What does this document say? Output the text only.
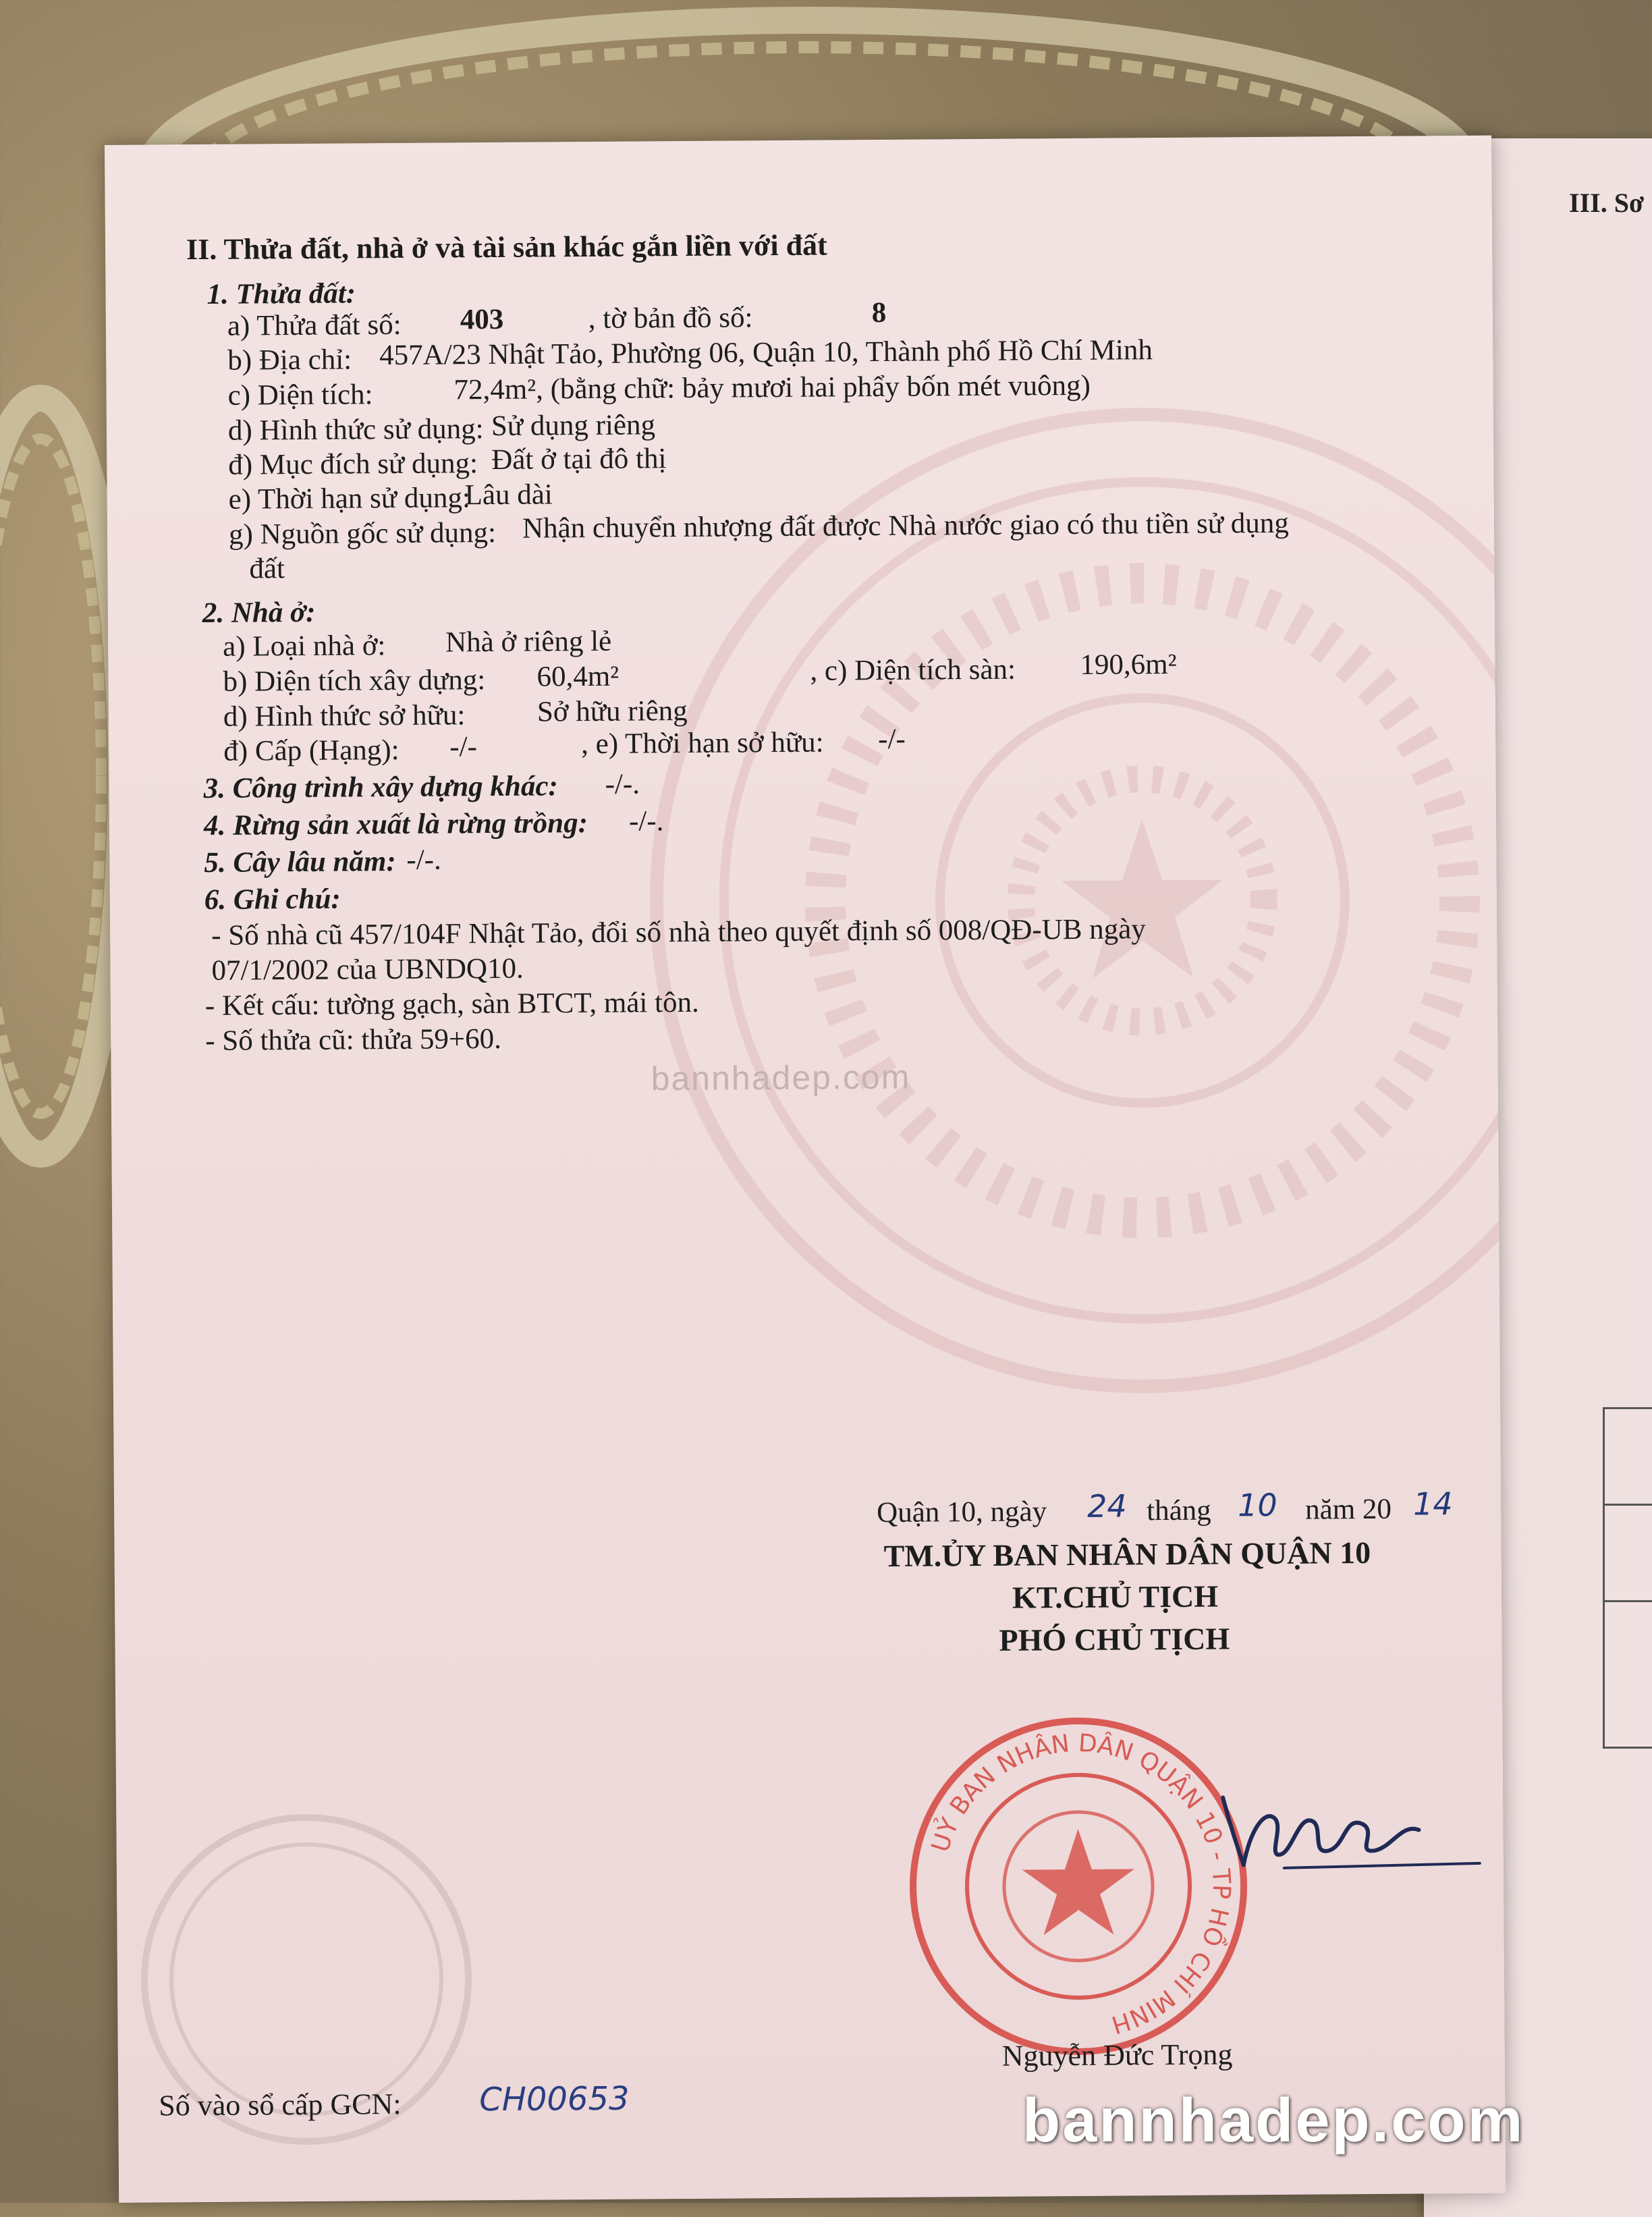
III. Sơ
II. Thửa đất, nhà ở và tài sản khác gắn liền với đất
1. Thửa đất:
a) Thửa đất số: 403	, tờ bản đồ số:	8
b) Địa chỉ: 457A/23 Nhật Tảo, Phường 06, Quận 10, Thành phố Hồ Chí Minh
c) Diện tích:	72,4m², (bằng chữ: bảy mươi hai phẩy bốn mét vuông)
d) Hình thức sử dụng: Sử dụng riêng
đ) Mục đích sử dụng: Đất ở tại đô thị
e) Thời hạn sử dụng:
Lâu dài
g) Nguồn gốc sử dụng: Nhận chuyển nhượng đất được Nhà nước giao có thu tiền sử dụng
đất
2. Nhà ở:
a) Loại nhà ở: Nhà ở riêng lẻ
b) Diện tích xây dựng: 60,4m²	, c) Diện tích sàn: 190,6m²
d) Hình thức sở hữu: Sở hữu riêng
đ) Cấp (Hạng): -/-	, e) Thời hạn sở hữu: -/-
3. Công trình xây dựng khác: -/-.
4. Rừng sản xuất là rừng trồng: -/-.
5. Cây lâu năm: -/-.
6. Ghi chú:
- Số nhà cũ 457/104F Nhật Tảo, đổi số nhà theo quyết định số 008/QĐ-UB ngày
07/1/2002 của UBNDQ10.
- Kết cấu: tường gạch, sàn BTCT, mái tôn.
- Số thửa cũ: thửa 59+60.
bannhadep.com
Quận 10, ngày 24 tháng 10 năm 20 14
TM.ỦY BAN NHÂN DÂN QUẬN 10
KT.CHỦ TỊCH
PHÓ CHỦ TỊCH
UỶ BAN NHÂN DÂN QUẬN 10 - TP HỒ CHÍ MINH
Nguyễn Đức Trọng
Số vào sổ cấp GCN: CH00653	bannhadep.com
